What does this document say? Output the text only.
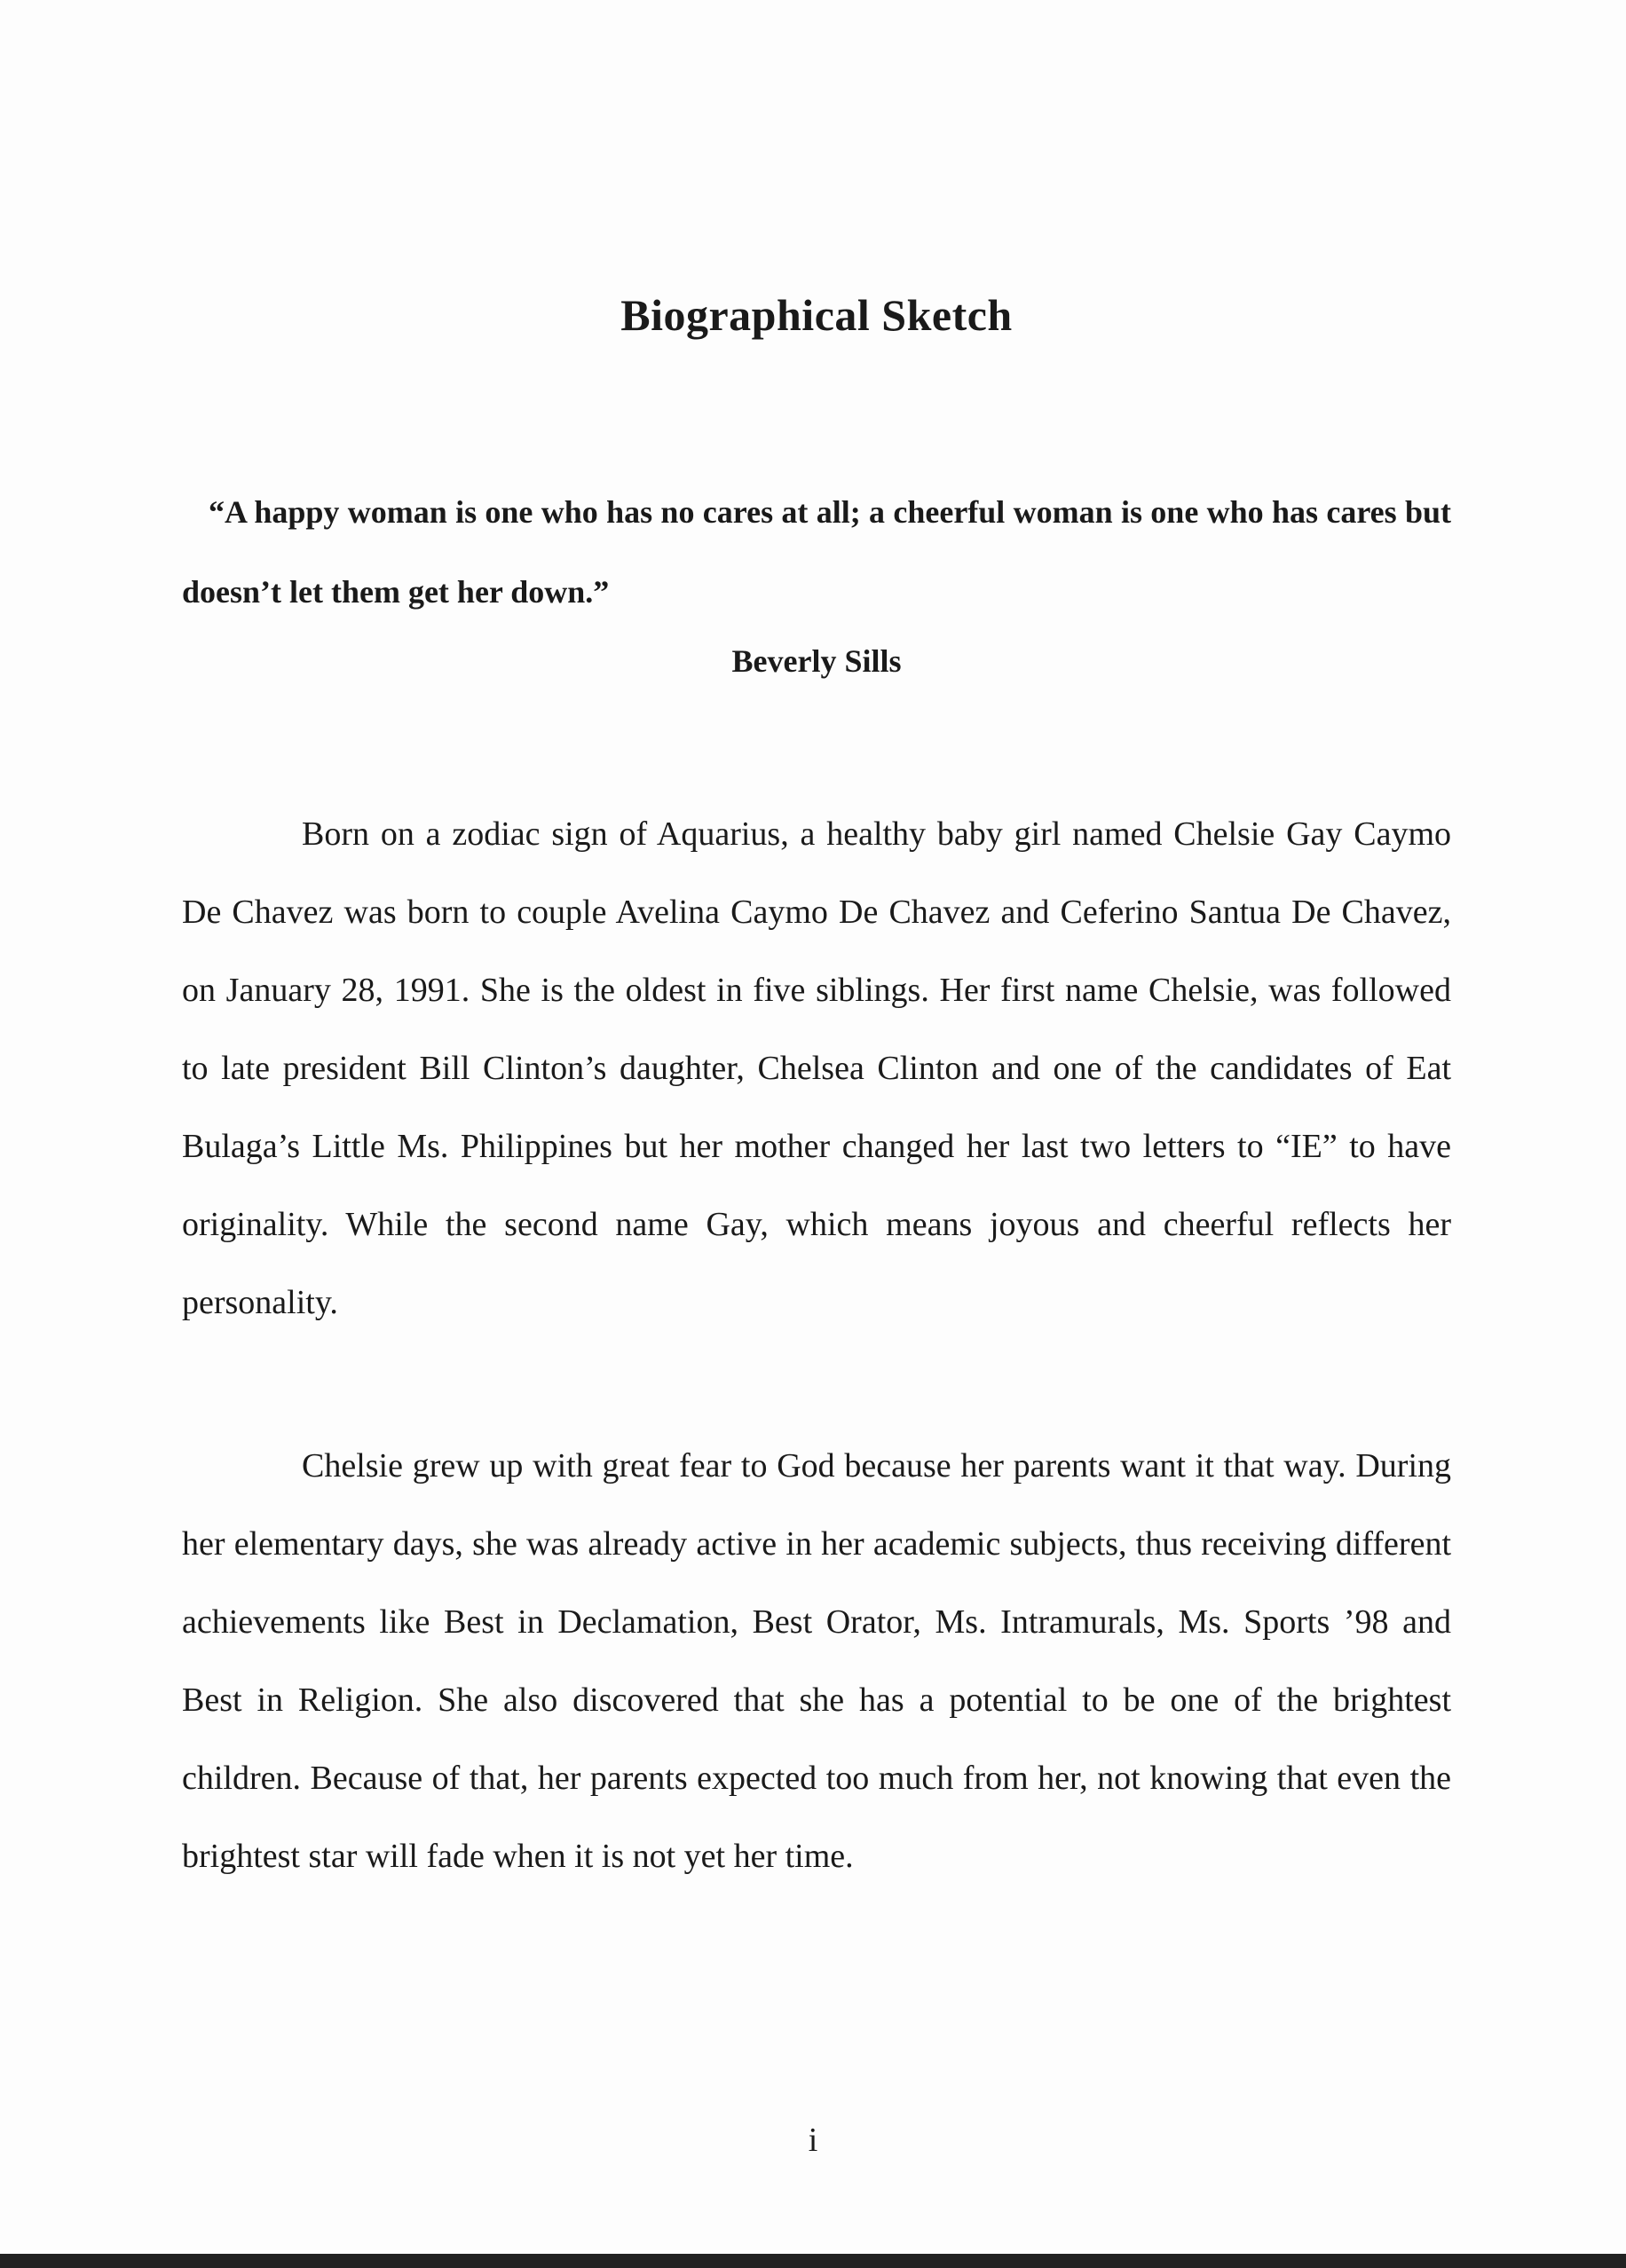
Biographical Sketch
“A happy woman is one who has no cares at all; a cheerful woman is one who has cares but doesn’t let them get her down.”
Beverly Sills

Born on a zodiac sign of Aquarius, a healthy baby girl named Chelsie Gay Caymo De Chavez was born to couple Avelina Caymo De Chavez and Ceferino Santua De Chavez, on January 28, 1991. She is the oldest in five siblings. Her first name Chelsie, was followed to late president Bill Clinton’s daughter, Chelsea Clinton and one of the candidates of Eat Bulaga’s Little Ms. Philippines but her mother changed her last two letters to “IE” to have originality. While the second name Gay, which means joyous and cheerful reflects her personality.

Chelsie grew up with great fear to God because her parents want it that way. During her elementary days, she was already active in her academic subjects, thus receiving different achievements like Best in Declamation, Best Orator, Ms. Intramurals, Ms. Sports ’98 and Best in Religion. She also discovered that she has a potential to be one of the brightest children. Because of that, her parents expected too much from her, not knowing that even the brightest star will fade when it is not yet her time.

i
